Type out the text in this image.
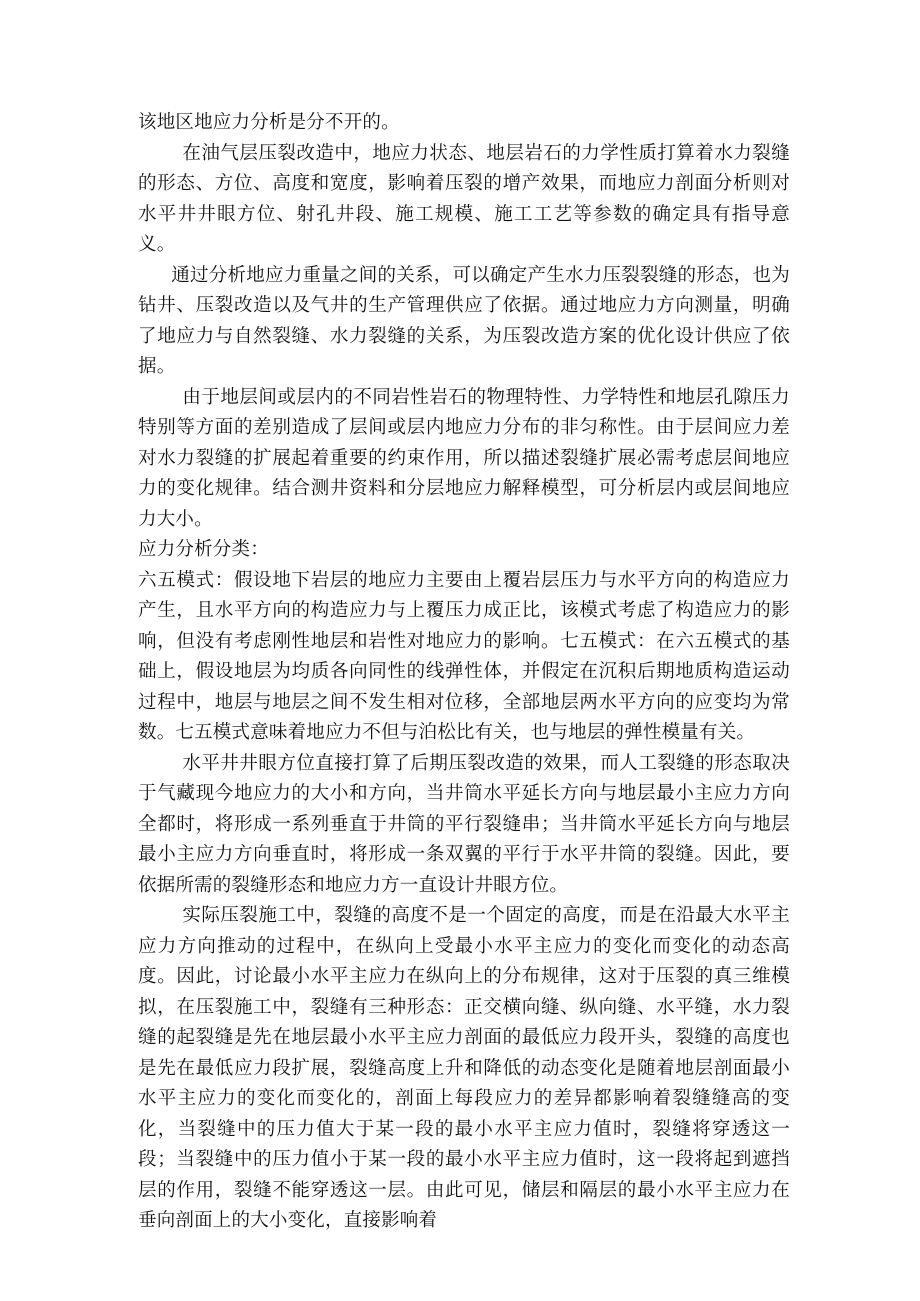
该地区地应力分析是分不开的。

在油气层压裂改造中，地应力状态、地层岩石的力学性质打算着水力裂缝的形态、方位、高度和宽度，影响着压裂的增产效果，而地应力剖面分析则对水平井井眼方位、射孔井段、施工规模、施工工艺等参数的确定具有指导意义。

通过分析地应力重量之间的关系，可以确定产生水力压裂裂缝的形态，也为钻井、压裂改造以及气井的生产管理供应了依据。通过地应力方向测量，明确了地应力与自然裂缝、水力裂缝的关系，为压裂改造方案的优化设计供应了依据。

由于地层间或层内的不同岩性岩石的物理特性、力学特性和地层孔隙压力特别等方面的差别造成了层间或层内地应力分布的非匀称性。由于层间应力差对水力裂缝的扩展起着重要的约束作用，所以描述裂缝扩展必需考虑层间地应力的变化规律。结合测井资料和分层地应力解释模型，可分析层内或层间地应力大小。

应力分析分类：

六五模式：假设地下岩层的地应力主要由上覆岩层压力与水平方向的构造应力产生，且水平方向的构造应力与上覆压力成正比，该模式考虑了构造应力的影响，但没有考虑刚性地层和岩性对地应力的影响。七五模式：在六五模式的基础上，假设地层为均质各向同性的线弹性体，并假定在沉积后期地质构造运动过程中，地层与地层之间不发生相对位移，全部地层两水平方向的应变均为常数。七五模式意味着地应力不但与泊松比有关，也与地层的弹性模量有关。

水平井井眼方位直接打算了后期压裂改造的效果，而人工裂缝的形态取决于气藏现今地应力的大小和方向，当井筒水平延长方向与地层最小主应力方向全都时，将形成一系列垂直于井筒的平行裂缝串；当井筒水平延长方向与地层最小主应力方向垂直时，将形成一条双翼的平行于水平井筒的裂缝。因此，要依据所需的裂缝形态和地应力方一直设计井眼方位。

实际压裂施工中，裂缝的高度不是一个固定的高度，而是在沿最大水平主应力方向推动的过程中，在纵向上受最小水平主应力的变化而变化的动态高度。因此，讨论最小水平主应力在纵向上的分布规律，这对于压裂的真三维模拟，在压裂施工中，裂缝有三种形态：正交横向缝、纵向缝、水平缝，水力裂缝的起裂缝是先在地层最小水平主应力剖面的最低应力段开头，裂缝的高度也是先在最低应力段扩展，裂缝高度上升和降低的动态变化是随着地层剖面最小水平主应力的变化而变化的，剖面上每段应力的差异都影响着裂缝缝高的变化，当裂缝中的压力值大于某一段的最小水平主应力值时，裂缝将穿透这一段；当裂缝中的压力值小于某一段的最小水平主应力值时，这一段将起到遮挡层的作用，裂缝不能穿透这一层。由此可见，储层和隔层的最小水平主应力在垂向剖面上的大小变化，直接影响着
